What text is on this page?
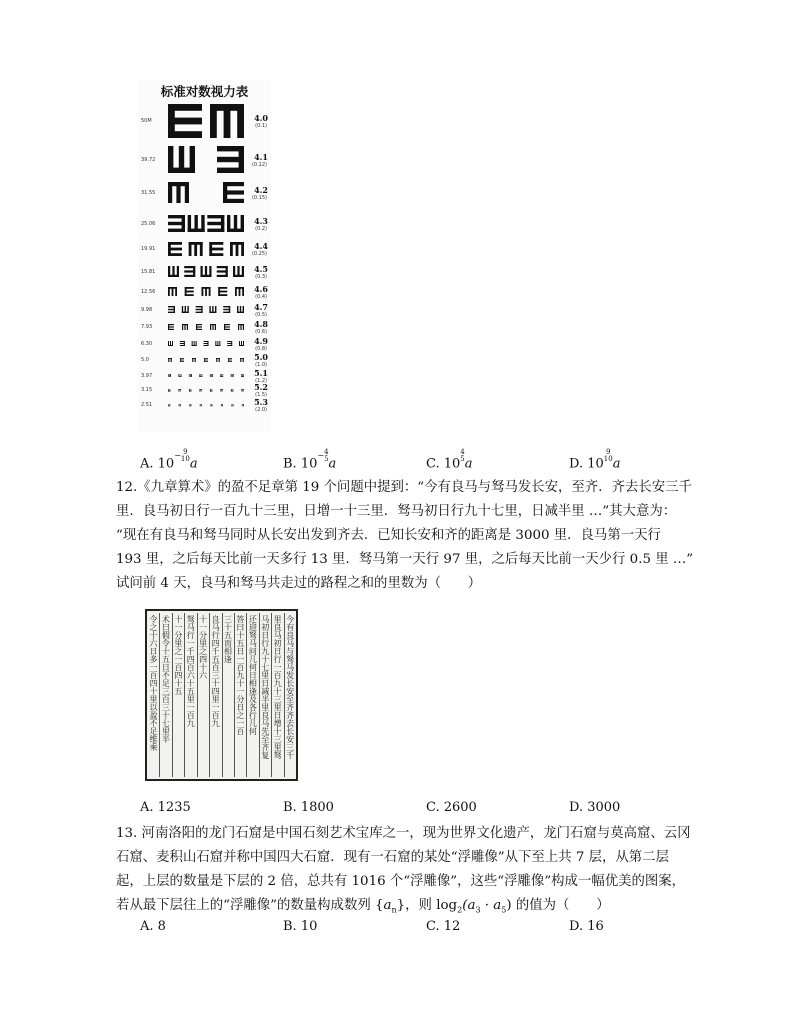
标准对数视力表
50M	4.0
(0.1)
39.72	4.1
(0.12)
31.55	4.2
(0.15)
25.06	4.3
(0.2)
19.91	4.4
(0.25)
15.81	4.5
(0.3)
12.56	4.6
(0.4)
9.98	4.7
(0.5)
7.93	4.8
(0.6)
6.30	4.9
(0.8)
5.0	5.0
(1.0)
3.97	5.1
(1.2)
3.15	5.2
(1.5)
2.51	5.3
(2.0)
A. $10^{- 9 10}$ a	B. $10^{- 4 5}$ a	C. 10
$^{4 5}$ a	D. 10
$^{9 10}$ a
12.《九章算术》的盈不足章第 19 个问题中提到：“今有良马与驽马发长安，至齐．齐去长安三千
里．良马初日行一百九十三里，日增一十三里．驽马初日行九十七里，日减半里 …”其大意为：
“现在有良马和驽马同时从长安出发到齐去．已知长安和齐的距离是 3000 里．良马第一天行
193 里，之后每天比前一天多行 13 里．驽马第一天行 97 里，之后每天比前一天少行 0.5 里 …”
试问前 4 天，良马和驽马共走过的路程之和的里数为（　　）
今有良马与驽马发长安至齐齐去长安三千
里良马初日行一百九十三里日增十三里驽
马初日行九十七里日减半里良马先至齐复
还迎驽马问几何日相逢及各行几何
答曰十五日一百九十一分日之一百
三十五而相逢
良马行四千五百三十四里一百九
十一分里之四十六
驽马行一千四百六十五里一百九
十一分里之一百四十五
术曰假令十五日不足三百三十七里半
令之十六日多一百四十里以盈不足维乘
A. 1235	B. 1800	C. 2600	D. 3000
13. 河南洛阳的龙门石窟是中国石刻艺术宝库之一，现为世界文化遗产，龙门石窟与莫高窟、云冈
石窟、麦积山石窟并称中国四大石窟．现有一石窟的某处“浮雕像”从下至上共 7 层，从第二层
起，上层的数量是下层的 2 倍，总共有 1016 个“浮雕像”，这些“浮雕像”构成一幅优美的图案，
若从最下层往上的“浮雕像”的数量构成数列 $\{a_n\}$，则 $\log_2(a_3 \cdot a_5)$ 的值为（　　）
A. 8	B. 10	C. 12	D. 16
